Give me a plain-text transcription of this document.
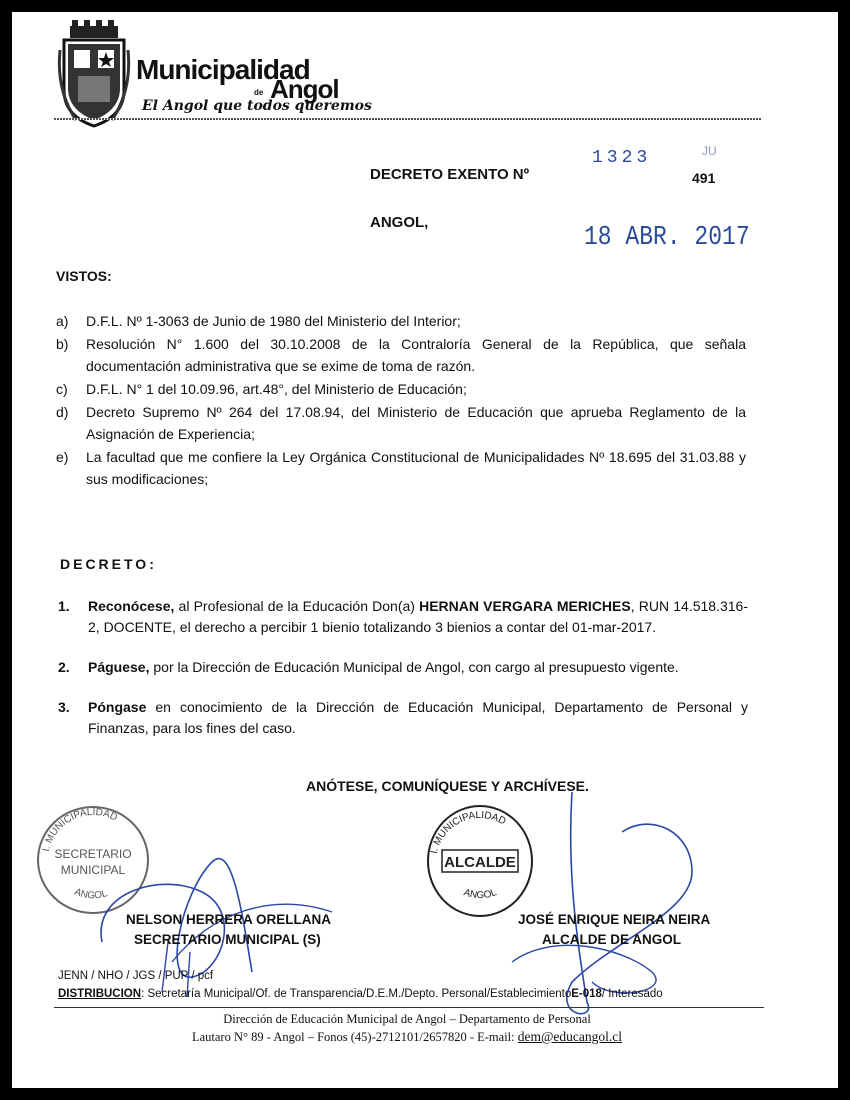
Municipalidad
de Angol
El Angol que todos queremos
DECRETO EXENTO Nº
1323	JU
491
ANGOL,	18 ABR. 2017
VISTOS:
a) D.F.L. Nº 1-3063 de Junio de 1980 del Ministerio del Interior;
b) Resolución N° 1.600 del 30.10.2008 de la Contraloría General de la República, que señala documentación administrativa que se exime de toma de razón.
c) D.F.L. N° 1 del 10.09.96, art.48°, del Ministerio de Educación;
d) Decreto Supremo Nº 264 del 17.08.94, del Ministerio de Educación que aprueba Reglamento de la Asignación de Experiencia;
e) La facultad que me confiere la Ley Orgánica Constitucional de Municipalidades Nº 18.695 del 31.03.88 y sus modificaciones;
DECRETO:
1. Reconócese, al Profesional de la Educación Don(a) HERNAN VERGARA MERICHES, RUN 14.518.316-2, DOCENTE, el derecho a percibir 1 bienio totalizando 3 bienios a contar del 01-mar-2017.
2. Páguese, por la Dirección de Educación Municipal de Angol, con cargo al presupuesto vigente.
3. Póngase en conocimiento de la Dirección de Educación Municipal, Departamento de Personal y Finanzas, para los fines del caso.
ANÓTESE, COMUNÍQUESE Y ARCHÍVESE.
I. MUNICIPALIDAD
SECRETARIO
MUNICIPAL
ANGOL
I. MUNICIPALIDAD
ALCALDE
ANGOL
NELSON HERRERA ORELLANA
SECRETARIO MUNICIPAL (S)
JOSÉ ENRIQUE NEIRA NEIRA
ALCALDE DE ANGOL
JENN / NHO / JGS / PUP / pcf
DISTRIBUCION: Secretaría Municipal/Of. de Transparencia/D.E.M./Depto. Personal/EstablecimientoE-018/ Interesado
Dirección de Educación Municipal de Angol – Departamento de Personal
Lautaro N° 89 - Angol – Fonos (45)-2712101/2657820 - E-mail: dem@educangol.cl
